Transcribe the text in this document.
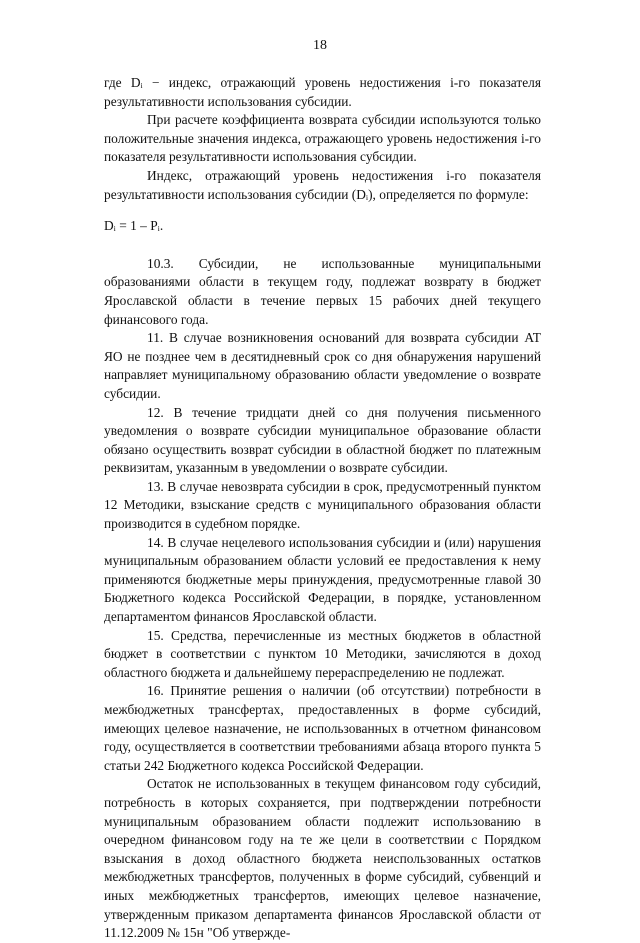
18

где Dᵢ − индекс, отражающий уровень недостижения i-го показателя результативности использования субсидии.

При расчете коэффициента возврата субсидии используются только положительные значения индекса, отражающего уровень недостижения i-го показателя результативности использования субсидии.

Индекс, отражающий уровень недостижения i-го показателя результативности использования субсидии (Dᵢ), определяется по формуле:

Dᵢ = 1 – Pᵢ.

10.3. Субсидии, не использованные муниципальными образованиями области в текущем году, подлежат возврату в бюджет Ярославской области в течение первых 15 рабочих дней текущего финансового года.

11. В случае возникновения оснований для возврата субсидии АТ ЯО не позднее чем в десятидневный срок со дня обнаружения нарушений направляет муниципальному образованию области уведомление о возврате субсидии.

12. В течение тридцати дней со дня получения письменного уведомления о возврате субсидии муниципальное образование области обязано осуществить возврат субсидии в областной бюджет по платежным реквизитам, указанным в уведомлении о возврате субсидии.

13. В случае невозврата субсидии в срок, предусмотренный пунктом 12 Методики, взыскание средств с муниципального образования области производится в судебном порядке.

14. В случае нецелевого использования субсидии и (или) нарушения муниципальным образованием области условий ее предоставления к нему применяются бюджетные меры принуждения, предусмотренные главой 30 Бюджетного кодекса Российской Федерации, в порядке, установленном департаментом финансов Ярославской области.

15. Средства, перечисленные из местных бюджетов в областной бюджет в соответствии с пунктом 10 Методики, зачисляются в доход областного бюджета и дальнейшему перераспределению не подлежат.

16. Принятие решения о наличии (об отсутствии) потребности в межбюджетных трансфертах, предоставленных в форме субсидий, имеющих целевое назначение, не использованных в отчетном финансовом году, осуществляется в соответствии требованиями абзаца второго пункта 5 статьи 242 Бюджетного кодекса Российской Федерации.

Остаток не использованных в текущем финансовом году субсидий, потребность в которых сохраняется, при подтверждении потребности муниципальным образованием области подлежит использованию в очередном финансовом году на те же цели в соответствии с Порядком взыскания в доход областного бюджета неиспользованных остатков межбюджетных трансфертов, полученных в форме субсидий, субвенций и иных межбюджетных трансфертов, имеющих целевое назначение, утвержденным приказом департамента финансов Ярославской области от 11.12.2009 № 15н "Об утвержде-
